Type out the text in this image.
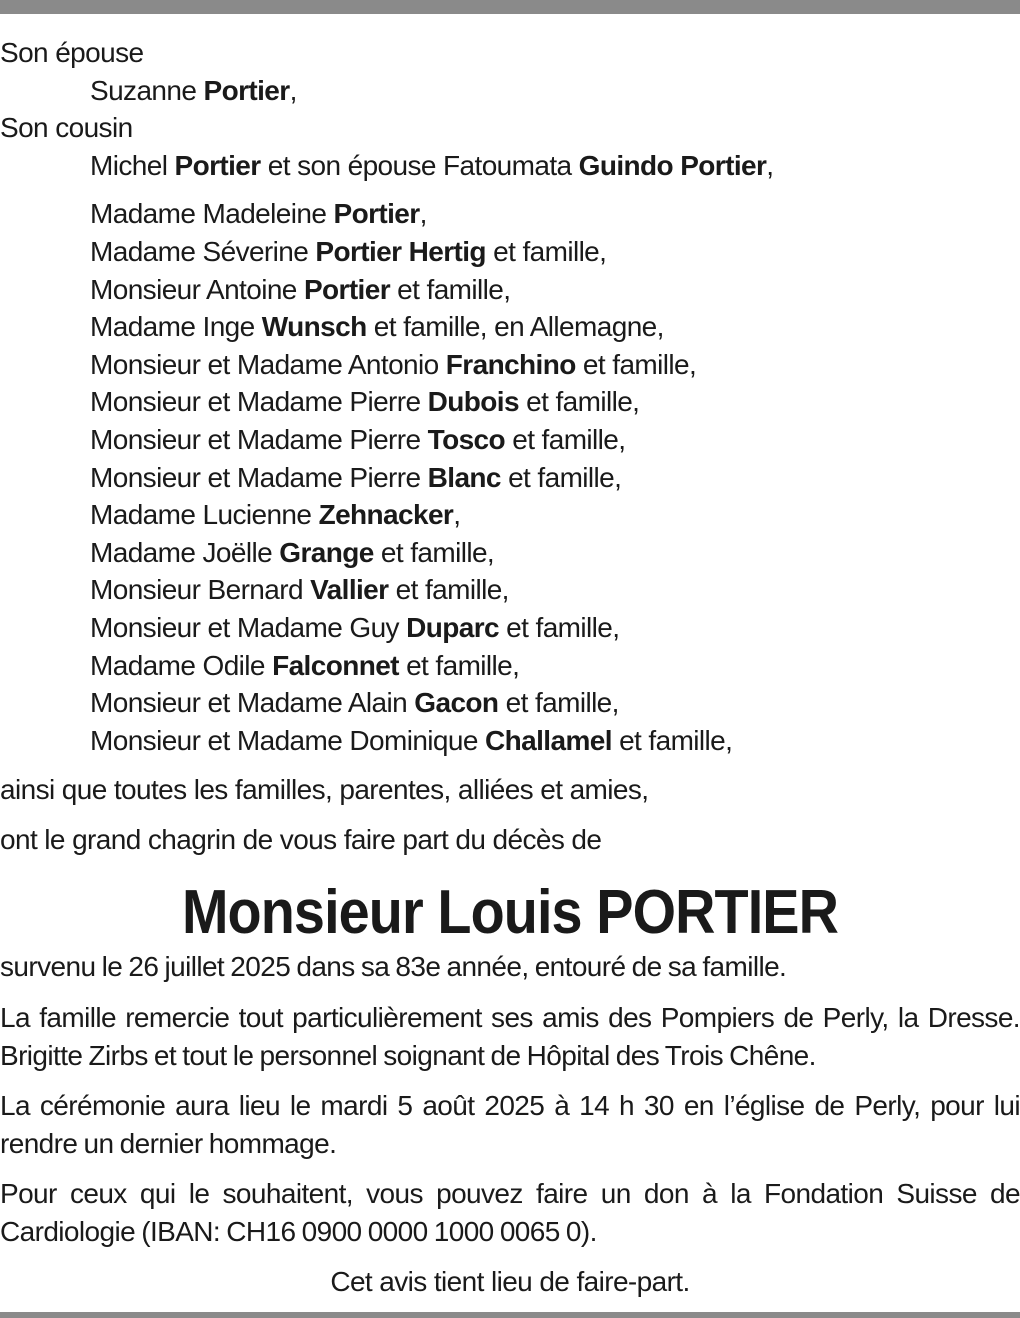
Son épouse

Suzanne Portier,

Son cousin

Michel Portier et son épouse Fatoumata Guindo Portier,

Madame Madeleine Portier,

Madame Séverine Portier Hertig et famille,

Monsieur Antoine Portier et famille,

Madame Inge Wunsch et famille, en Allemagne,

Monsieur et Madame Antonio Franchino et famille,

Monsieur et Madame Pierre Dubois et famille,

Monsieur et Madame Pierre Tosco et famille,

Monsieur et Madame Pierre Blanc et famille,

Madame Lucienne Zehnacker,

Madame Joëlle Grange et famille,

Monsieur Bernard Vallier et famille,

Monsieur et Madame Guy Duparc et famille,

Madame Odile Falconnet et famille,

Monsieur et Madame Alain Gacon et famille,

Monsieur et Madame Dominique Challamel et famille,

ainsi que toutes les familles, parentes, alliées et amies,

ont le grand chagrin de vous faire part du décès de

Monsieur Louis PORTIER

survenu le 26 juillet 2025 dans sa 83e année, entouré de sa famille.

La famille remercie tout particulièrement ses amis des Pompiers de Perly, la Dresse. Brigitte Zirbs et tout le personnel soignant de Hôpital des Trois Chêne.

La cérémonie aura lieu le mardi 5 août 2025 à 14 h 30 en l’église de Perly, pour lui rendre un dernier hommage.

Pour ceux qui le souhaitent, vous pouvez faire un don à la Fondation Suisse de Cardiologie (IBAN: CH16 0900 0000 1000 0065 0).

Cet avis tient lieu de faire-part.
